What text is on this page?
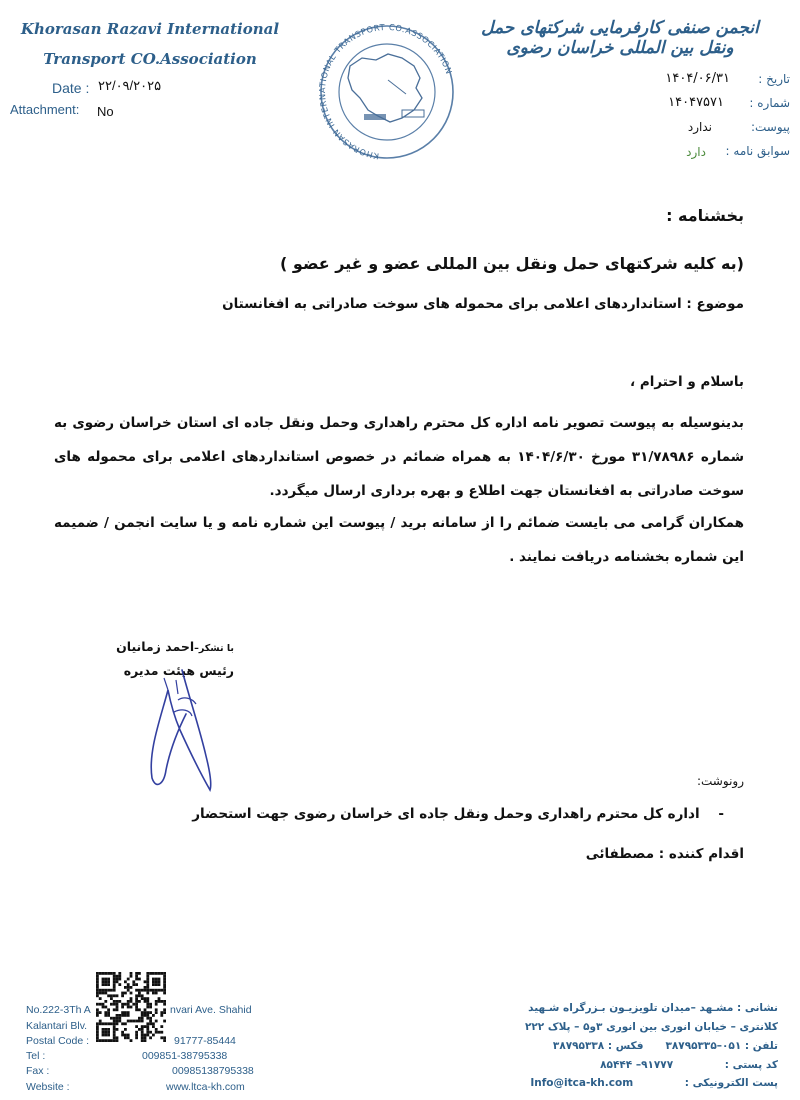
Khorasan Razavi International
Transport CO.Association
Date : ۲۲/۰۹/۲۰۲۵
Attachment: No
KHORASAN INTERNATIONAL TRANSPORT CO.ASSOCIATION
انجمن صنفی کارفرمایی شرکتهای حمل ونقل بین المللی خراسان رضوی
تاریخ :
۱۴۰۴/۰۶/۳۱
شماره :
۱۴۰۴۷۵۷۱
پیوست:
ندارد
سوابق نامه :
دارد
بخشنامه :
(به کلیه شرکتهای حمل ونقل بین المللی عضو و غیر عضو )
موضوع : استانداردهای اعلامی برای محموله های سوخت صادراتی به افغانستان
باسلام و احترام ،
بدینوسیله به پیوست تصویر نامه اداره کل محترم راهداری وحمل ونقل جاده ای استان خراسان رضوی به شماره ۳۱/۷۸۹۸۶ مورخ ۱۴۰۴/۶/۳۰ به همراه ضمائم در خصوص استانداردهای اعلامی برای محموله های سوخت صادراتی به افغانستان جهت اطلاع و بهره برداری ارسال میگردد.
همکاران گرامی می بایست ضمائم را از سامانه برید / پیوست این شماره نامه و یا سایت انجمن / ضمیمه این شماره بخشنامه دریافت نمایند .
با تشکر–احمد زمانیان
رئیس هیئت مدیره
رونوشت:
-    اداره کل محترم راهداری وحمل ونقل جاده ای خراسان رضوی جهت استحضار
اقدام کننده : مصطفائی
No.222-3Th A	nvari Ave. Shahid
Kalantari Blv.
Postal Code :	91777-85444
Tel :	009851-38795338
Fax :	00985138795338
Website :	www.ltca-kh.com
نشانی : مشـهد –میدان تلویزیـون بـزرگراه شـهید
کلانتری – خیابان انوری بین انوری ۳و۵ – پلاک ۲۲۲
تلفن : ۰۵۱–۳۸۷۹۵۳۳۵      فکس : ۳۸۷۹۵۳۳۸
کد پستی : ۹۱۷۷۷– ۸۵۴۴۴
پست الکترونیکی : Info@itca-kh.com
